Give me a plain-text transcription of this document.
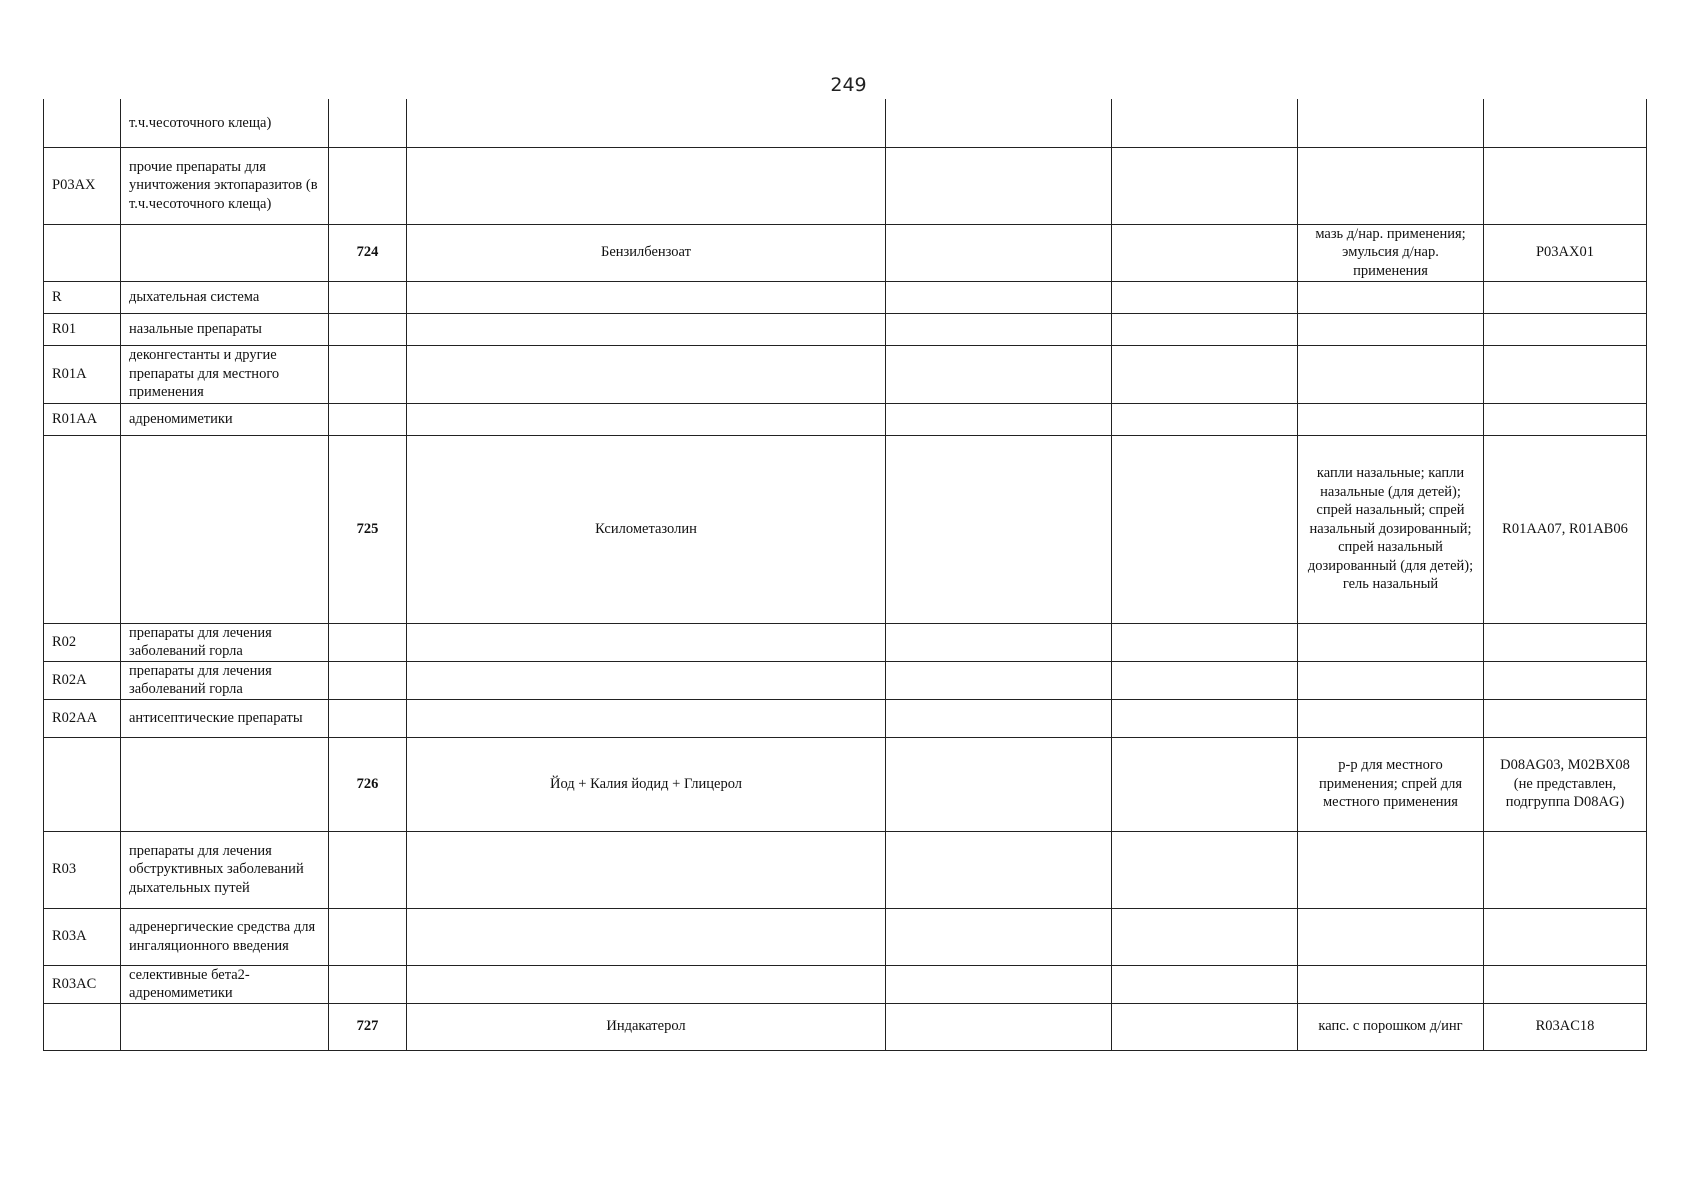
249
	т.ч.чесоточного клеща)						
P03AX	прочие препараты для уничтожения эктопаразитов (в т.ч.чесоточного клеща)						
		724	Бензилбензоат			мазь д/нар. применения; эмульсия д/нар. применения	P03AX01
R	дыхательная система						
R01	назальные препараты						
R01A	деконгестанты и другие препараты для местного применения						
R01AA	адреномиметики						
		725	Ксилометазолин			капли назальные; капли назальные (для детей); спрей назальный; спрей назальный дозированный; спрей назальный дозированный (для детей); гель назальный	R01AA07, R01AB06
R02	препараты для лечения заболеваний горла						
R02A	препараты для лечения заболеваний горла						
R02AA	антисептические препараты						
		726	Йод + Калия йодид + Глицерол			р-р для местного применения; спрей для местного применения	D08AG03, M02BX08 (не представлен, подгруппа D08AG)
R03	препараты для лечения обструктивных заболеваний дыхательных путей						
R03A	адренергические средства для ингаляционного введения						
R03AC	селективные бета2-адреномиметики						
		727	Индакатерол			капс. с порошком д/инг	R03AC18
